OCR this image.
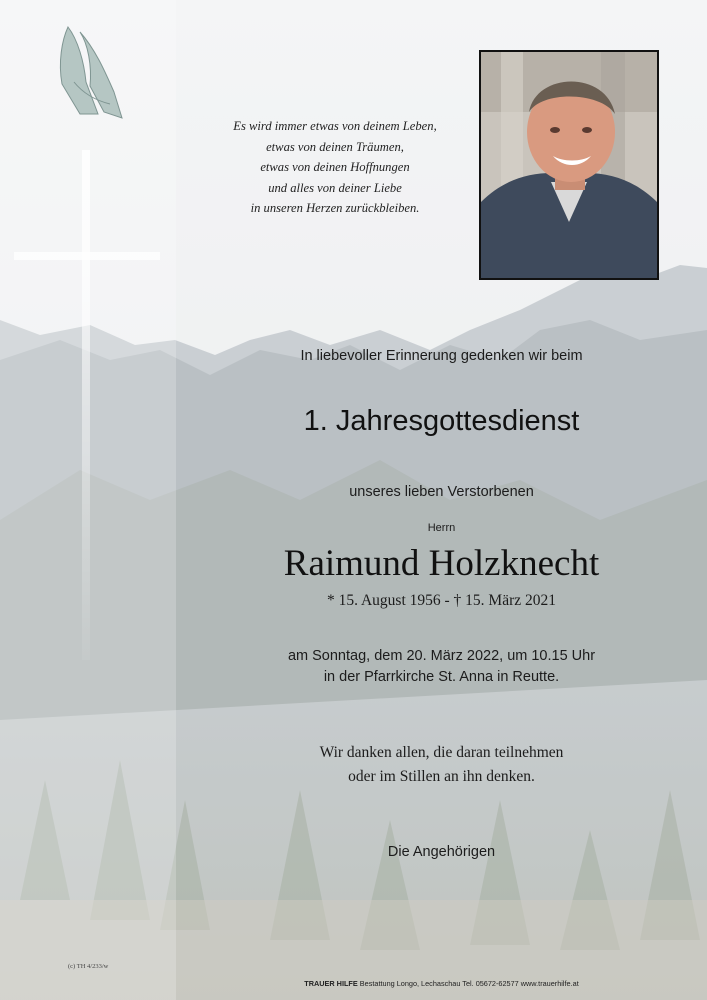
Es wird immer etwas von deinem Leben,
etwas von deinen Träumen,
etwas von deinen Hoffnungen
und alles von deiner Liebe
in unseren Herzen zurückbleiben.

In liebevoller Erinnerung gedenken wir beim

1. Jahresgottesdienst

unseres lieben Verstorbenen

Herrn

Raimund Holzknecht

* 15. August 1956 - † 15. März 2021

am Sonntag, dem 20. März 2022, um 10.15 Uhr
in der Pfarrkirche St. Anna in Reutte.

Wir danken allen, die daran teilnehmen
oder im Stillen an ihn denken.

Die Angehörigen

(c) TH 4/233/w

TRAUER HILFE Bestattung Longo, Lechaschau Tel. 05672-62577 www.trauerhilfe.at
